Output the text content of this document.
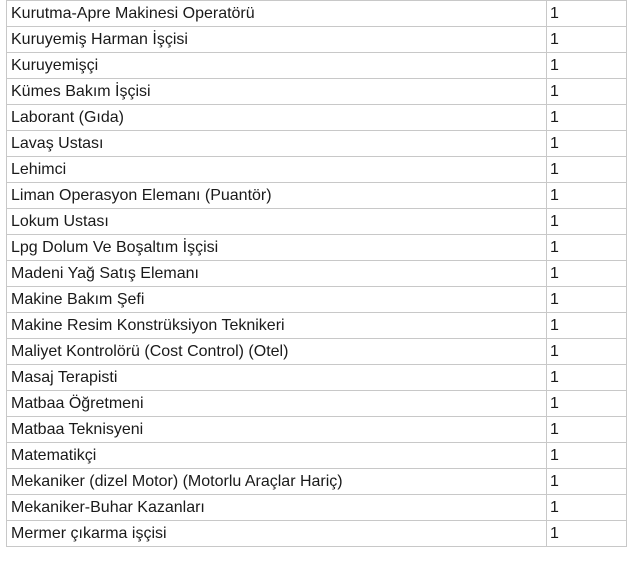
Kurutma-Apre Makinesi Operatörü	1
Kuruyemiş Harman İşçisi	1
Kuruyemişçi	1
Kümes Bakım İşçisi	1
Laborant (Gıda)	1
Lavaş Ustası	1
Lehimci	1
Liman Operasyon Elemanı (Puantör)	1
Lokum Ustası	1
Lpg Dolum Ve Boşaltım İşçisi	1
Madeni Yağ Satış Elemanı	1
Makine Bakım Şefi	1
Makine Resim Konstrüksiyon Teknikeri	1
Maliyet Kontrolörü (Cost Control) (Otel)	1
Masaj Terapisti	1
Matbaa Öğretmeni	1
Matbaa Teknisyeni	1
Matematikçi	1
Mekaniker (dizel Motor) (Motorlu Araçlar Hariç)	1
Mekaniker-Buhar Kazanları	1
Mermer çıkarma işçisi	1
